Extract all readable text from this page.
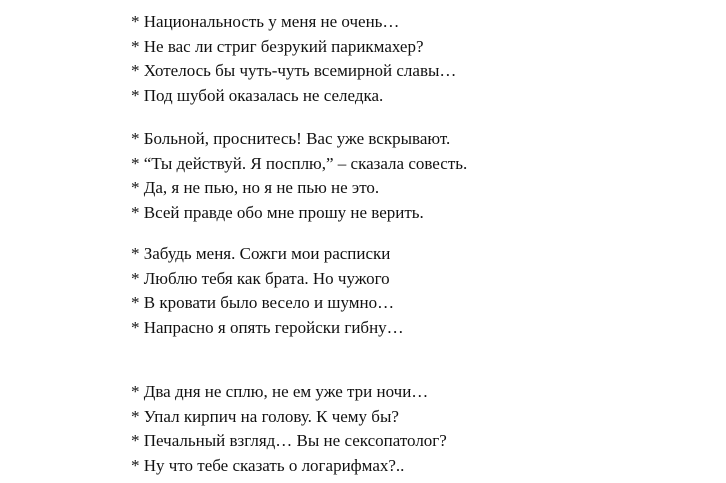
* Национальность у меня не очень…

* Не вас ли стриг безрукий парикмахер?

* Хотелось бы чуть-чуть всемирной славы…

* Под шубой оказалась не селедка.

* Больной, проснитесь! Вас уже вскрывают.

* “Ты действуй. Я посплю,” – сказала совесть.

* Да, я не пью, но я не пью не это.

* Всей правде обо мне прошу не верить.

* Забудь меня. Сожги мои расписки

* Люблю тебя как брата. Но чужого

* В кровати было весело и шумно…

* Напрасно я опять геройски гибну…

* Два дня не сплю, не ем уже три ночи…

* Упал кирпич на голову. К чему бы?

* Печальный взгляд… Вы не сексопатолог?

* Ну что тебе сказать о логарифмах?..
